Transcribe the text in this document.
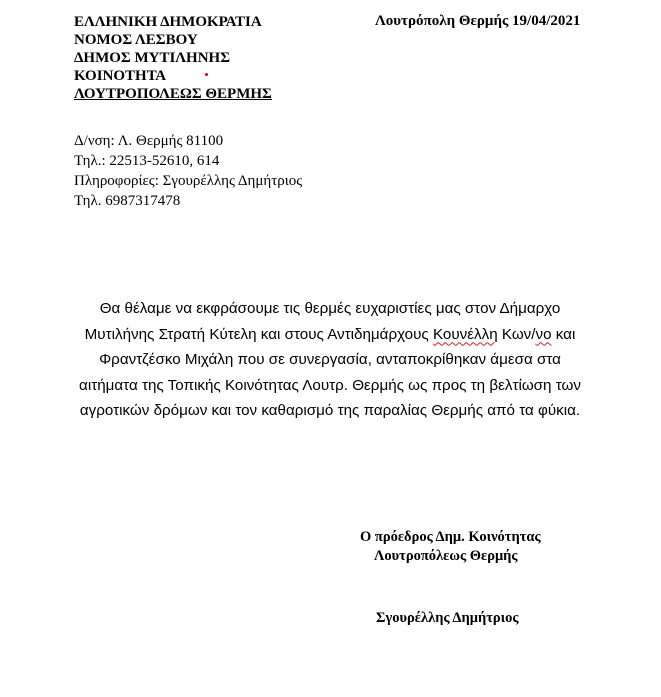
ΕΛΛΗΝΙΚΗ ΔΗΜΟΚΡΑΤΙΑ
ΝΟΜΟΣ ΛΕΣΒΟΥ
ΔΗΜΟΣ ΜΥΤΙΛΗΝΗΣ
ΚΟΙΝΟΤΗΤΑ
ΛΟΥΤΡΟΠΟΛΕΩΣ ΘΕΡΜΗΣ
Λουτρόπολη Θερμής 19/04/2021
Δ/νση: Λ. Θερμής 81100
Τηλ.: 22513-52610, 614
Πληροφορίες: Σγουρέλλης Δημήτριος
Τηλ. 6987317478
Θα θέλαμε να εκφράσουμε τις θερμές ευχαριστίες μας στον Δήμαρχο
Μυτιλήνης Στρατή Κύτελη και στους Αντιδημάρχους Κουνέλλη Κων/νο και
Φραντζέσκο Μιχάλη που σε συνεργασία, ανταποκρίθηκαν άμεσα στα
αιτήματα της Τοπικής Κοινότητας Λουτρ. Θερμής ως προς τη βελτίωση των
αγροτικών δρόμων και τον καθαρισμό της παραλίας Θερμής από τα φύκια.
Ο πρόεδρος Δημ. Κοινότητας
Λουτροπόλεως Θερμής
Σγουρέλλης Δημήτριος
